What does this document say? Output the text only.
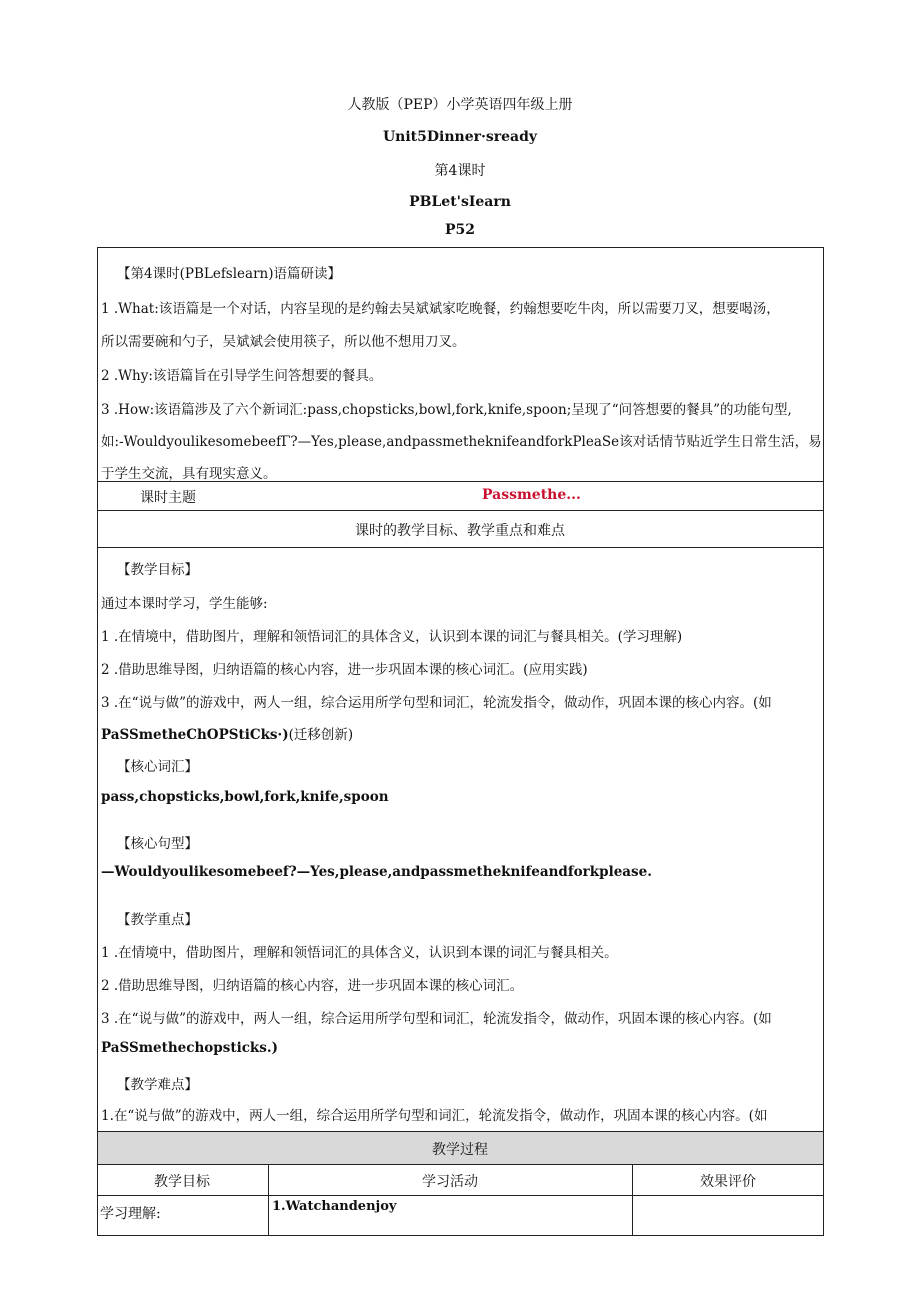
人教版（PEP）小学英语四年级上册
Unit5Dinner·sready
第4课时
PBLet'sIearn
P52
【第4课时(PBLefslearn)语篇研读】
1 .What:该语篇是一个对话，内容呈现的是约翰去吴斌斌家吃晚餐，约翰想要吃牛肉，所以需要刀叉，想要喝汤，
所以需要碗和勺子，吴斌斌会使用筷子，所以他不想用刀叉。
2 .Why:该语篇旨在引导学生问答想要的餐具。
3 .How:该语篇涉及了六个新词汇:pass,chopsticks,bowl,fork,knife,spoon;呈现了“问答想要的餐具”的功能句型,
如:-WouldyoulikesomebeefΓ?—Yes,please,andpassmetheknifeandforkPleaSe该对话情节贴近学生日常生活，易
于学生交流，具有现实意义。
课时主题	Passmethe...
课时的教学目标、教学重点和难点
【教学目标】
通过本课时学习，学生能够:
1 .在情境中，借助图片，理解和领悟词汇的具体含义，认识到本课的词汇与餐具相关。(学习理解)
2 .借助思维导图，归纳语篇的核心内容，进一步巩固本课的核心词汇。(应用实践)
3 .在“说与做”的游戏中，两人一组，综合运用所学句型和词汇，轮流发指令，做动作，巩固本课的核心内容。(如
PaSSmetheChOPStiCks·)(迁移创新)
【核心词汇】
pass,chopsticks,bowl,fork,knife,spoon
【核心句型】
—Wouldyoulikesomebeef?—Yes,please,andpassmetheknifeandforkplease.
【教学重点】
1 .在情境中，借助图片，理解和领悟词汇的具体含义，认识到本课的词汇与餐具相关。
2 .借助思维导图，归纳语篇的核心内容，进一步巩固本课的核心词汇。
3 .在“说与做”的游戏中，两人一组，综合运用所学句型和词汇，轮流发指令，做动作，巩固本课的核心内容。(如
PaSSmethechopsticks.)
【教学难点】
1.在“说与做”的游戏中，两人一组，综合运用所学句型和词汇，轮流发指令，做动作，巩固本课的核心内容。(如
教学过程
教学目标	学习活动	效果评价
学习理解:	1.Watchandenjoy
